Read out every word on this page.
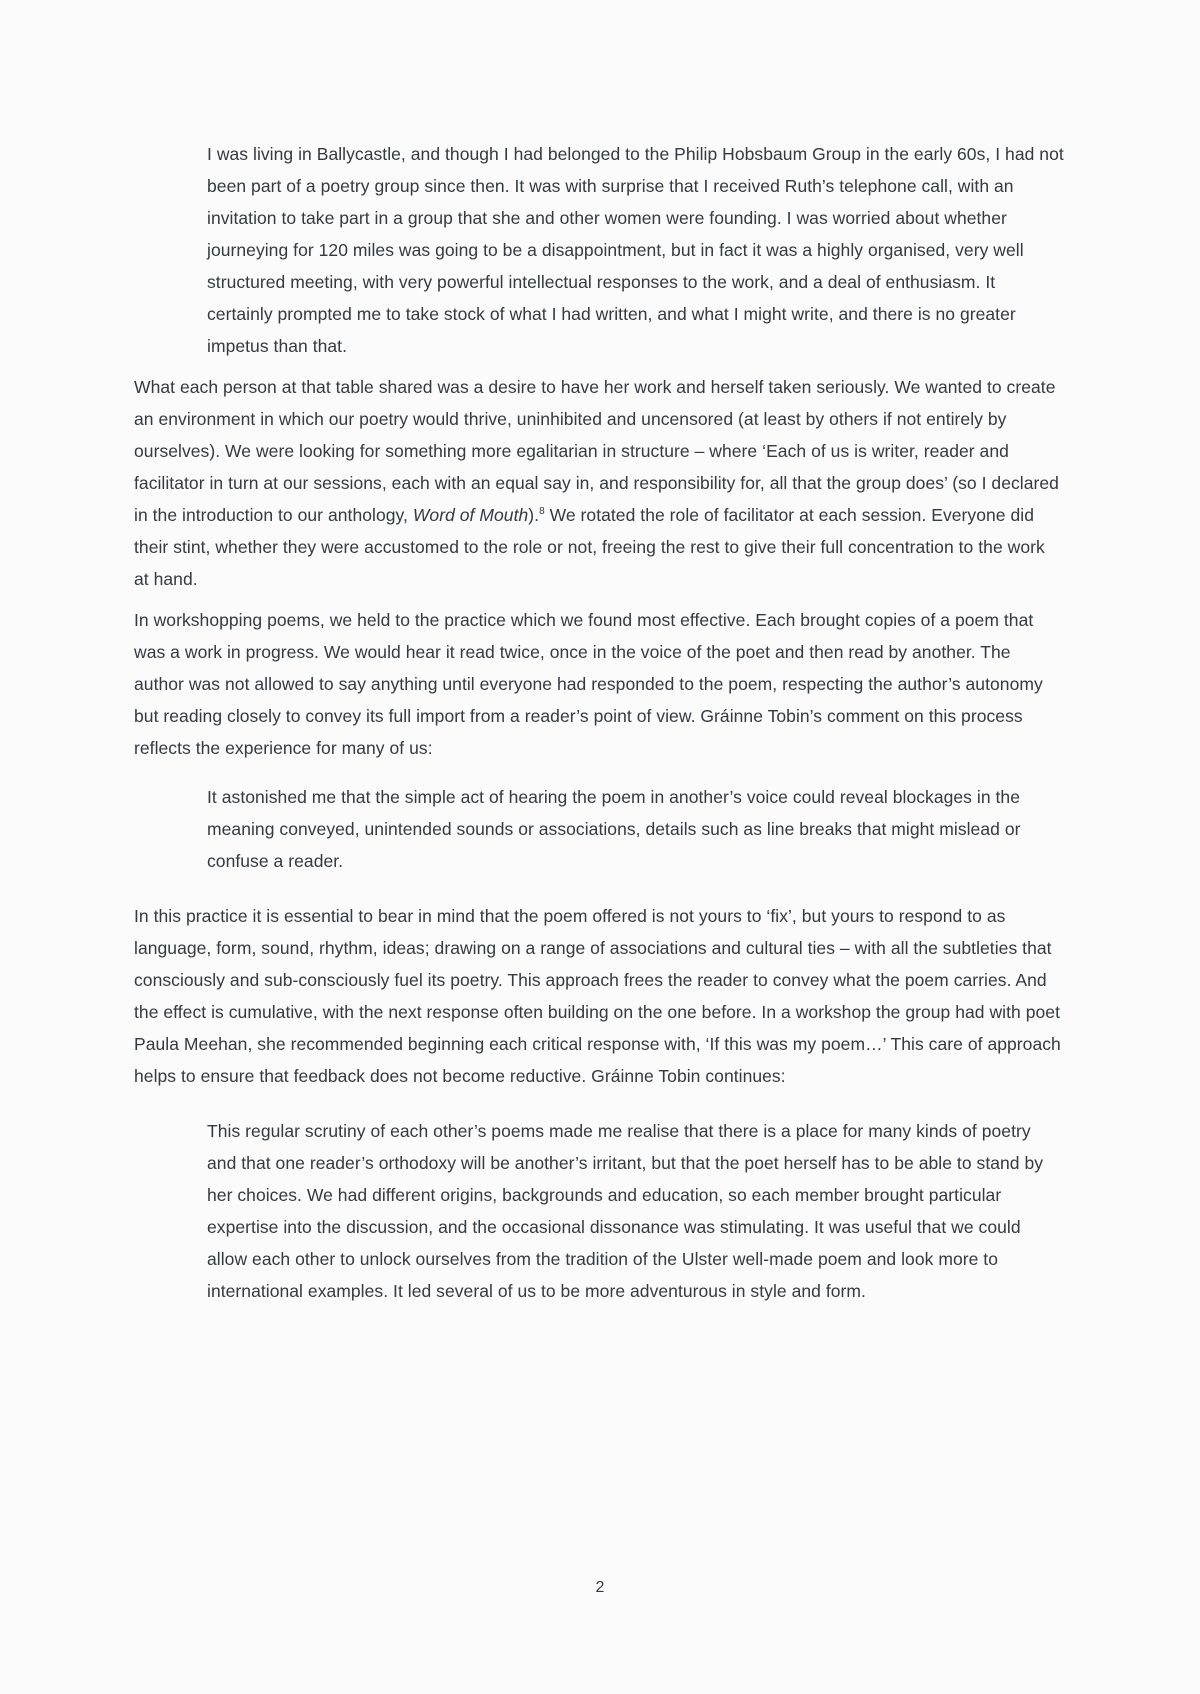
I was living in Ballycastle, and though I had belonged to the Philip Hobsbaum Group in the early 60s, I had not been part of a poetry group since then. It was with surprise that I received Ruth’s telephone call, with an invitation to take part in a group that she and other women were founding. I was worried about whether journeying for 120 miles was going to be a disappointment, but in fact it was a highly organised, very well structured meeting, with very powerful intellectual responses to the work, and a deal of enthusiasm. It certainly prompted me to take stock of what I had written, and what I might write, and there is no greater impetus than that.

What each person at that table shared was a desire to have her work and herself taken seriously. We wanted to create an environment in which our poetry would thrive, uninhibited and uncensored (at least by others if not entirely by ourselves). We were looking for something more egalitarian in structure – where ‘Each of us is writer, reader and facilitator in turn at our sessions, each with an equal say in, and responsibility for, all that the group does’ (so I declared in the introduction to our anthology, Word of Mouth).$^8$ We rotated the role of facilitator at each session. Everyone did their stint, whether they were accustomed to the role or not, freeing the rest to give their full concentration to the work at hand.

In workshopping poems, we held to the practice which we found most effective. Each brought copies of a poem that was a work in progress. We would hear it read twice, once in the voice of the poet and then read by another. The author was not allowed to say anything until everyone had responded to the poem, respecting the author’s autonomy but reading closely to convey its full import from a reader’s point of view. Gráinne Tobin’s comment on this process reflects the experience for many of us:

It astonished me that the simple act of hearing the poem in another’s voice could reveal blockages in the meaning conveyed, unintended sounds or associations, details such as line breaks that might mislead or confuse a reader.

In this practice it is essential to bear in mind that the poem offered is not yours to ‘fix’, but yours to respond to as language, form, sound, rhythm, ideas; drawing on a range of associations and cultural ties – with all the subtleties that consciously and sub-consciously fuel its poetry. This approach frees the reader to convey what the poem carries. And the effect is cumulative, with the next response often building on the one before. In a workshop the group had with poet Paula Meehan, she recommended beginning each critical response with, ‘If this was my poem…’ This care of approach helps to ensure that feedback does not become reductive. Gráinne Tobin continues:

This regular scrutiny of each other’s poems made me realise that there is a place for many kinds of poetry and that one reader’s orthodoxy will be another’s irritant, but that the poet herself has to be able to stand by her choices. We had different origins, backgrounds and education, so each member brought particular expertise into the discussion, and the occasional dissonance was stimulating. It was useful that we could allow each other to unlock ourselves from the tradition of the Ulster well-made poem and look more to international examples. It led several of us to be more adventurous in style and form.

2
